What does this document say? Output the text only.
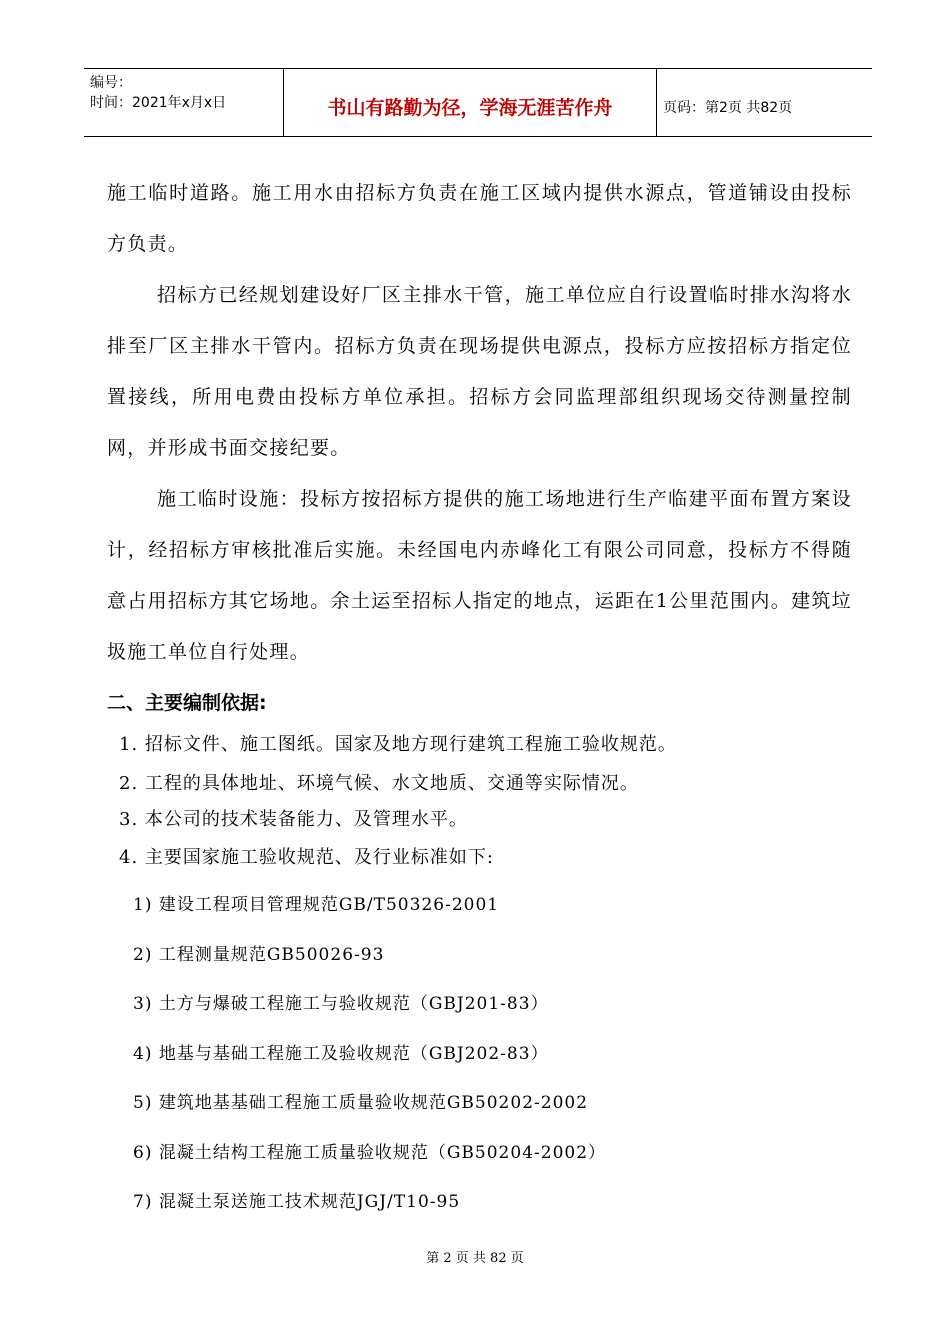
编号：
时间：2021年x月x日	书山有路勤为径，学海无涯苦作舟	页码：第2页 共82页

施工临时道路。施工用水由招标方负责在施工区域内提供水源点，管道铺设由投标方负责。

招标方已经规划建设好厂区主排水干管，施工单位应自行设置临时排水沟将水排至厂区主排水干管内。招标方负责在现场提供电源点，投标方应按招标方指定位置接线，所用电费由投标方单位承担。招标方会同监理部组织现场交待测量控制网，并形成书面交接纪要。

施工临时设施：投标方按招标方提供的施工场地进行生产临建平面布置方案设计，经招标方审核批准后实施。未经国电内赤峰化工有限公司同意，投标方不得随意占用招标方其它场地。余土运至招标人指定的地点，运距在1公里范围内。建筑垃圾施工单位自行处理。

二、主要编制依据:
1. 招标文件、施工图纸。国家及地方现行建筑工程施工验收规范。
2. 工程的具体地址、环境气候、水文地质、交通等实际情况。
3. 本公司的技术装备能力、及管理水平。
4. 主要国家施工验收规范、及行业标准如下:
1) 建设工程项目管理规范GB/T50326-2001
2) 工程测量规范GB50026-93
3) 土方与爆破工程施工与验收规范（GBJ201-83）
4) 地基与基础工程施工及验收规范（GBJ202-83）
5) 建筑地基基础工程施工质量验收规范GB50202-2002
6) 混凝土结构工程施工质量验收规范（GB50204-2002）
7) 混凝土泵送施工技术规范JGJ/T10-95
第 2 页 共 82 页
